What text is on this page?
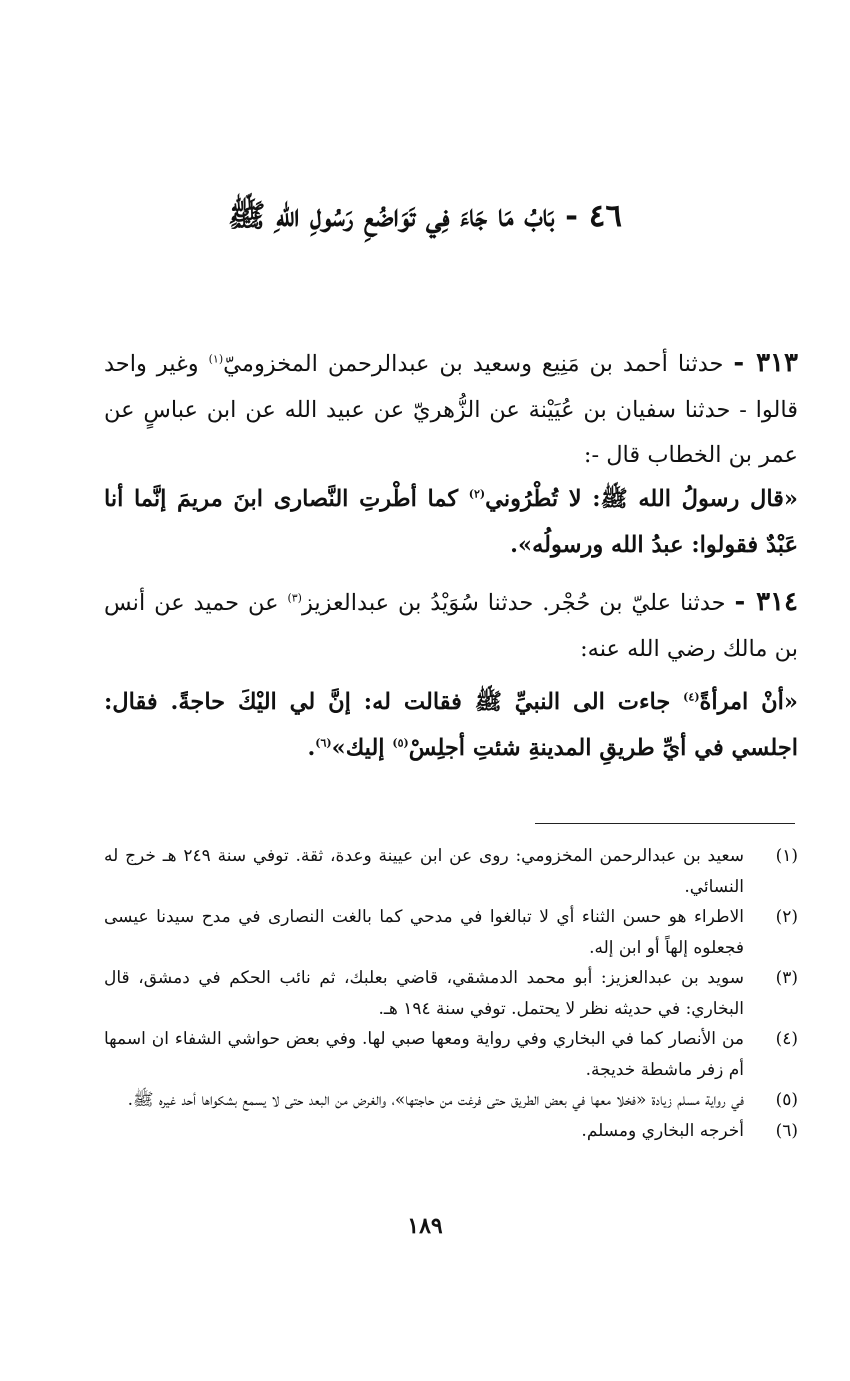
٤٦ - بَابُ مَا جَاءَ فِي تَوَاضُعِ رَسُولِ اللهِ ﷺ
٣١٣ - حدثنا أحمد بن مَنِيع وسعيد بن عبدالرحمن المخزوميّ$^{(١)}$ وغير واحد قالوا - حدثنا سفيان بن عُيَيْنة عن الزُّهريّ عن عبيد الله عن ابن عباسٍ عن عمر بن الخطاب قال -:
«قال رسولُ الله ﷺ: لا تُطْرُوني$^{(٢)}$ كما أطْرتِ النَّصارى ابنَ مريمَ إنَّما أنا عَبْدٌ فقولوا: عبدُ الله ورسولُه».
٣١٤ - حدثنا عليّ بن حُجْر. حدثنا سُوَيْدُ بن عبدالعزيز$^{(٣)}$ عن حميد عن أنس بن مالك رضي الله عنه:
«أنْ امرأةً$^{(٤)}$ جاءت الى النبيِّ ﷺ فقالت له: إنَّ لي اليْكَ حاجةً. فقال: اجلسي في أيِّ طريقِ المدينةِ شئتِ أجلِسْ$^{(٥)}$ إليك»$^{(٦)}$.
(١)
سعيد بن عبدالرحمن المخزومي: روى عن ابن عيينة وعدة، ثقة. توفي سنة ٢٤٩ هـ خرج له النسائي.
(٢)
الاطراء هو حسن الثناء أي لا تبالغوا في مدحي كما بالغت النصارى في مدح سيدنا عيسى فجعلوه إلهاً أو ابن إله.
(٣)
سويد بن عبدالعزيز: أبو محمد الدمشقي، قاضي بعلبك، ثم نائب الحكم في دمشق، قال البخاري: في حديثه نظر لا يحتمل. توفي سنة ١٩٤ هـ.
(٤)
من الأنصار كما في البخاري وفي رواية ومعها صبي لها. وفي بعض حواشي الشفاء ان اسمها أم زفر ماشطة خديجة.
(٥)
في رواية مسلم زيادة «فخلا معها في بعض الطريق حتى فرغت من حاجتها»، والغرض من البعد حتى لا يسمع بشكواها أحد غيره ﷺ.
(٦)
أخرجه البخاري ومسلم.
١٨٩
